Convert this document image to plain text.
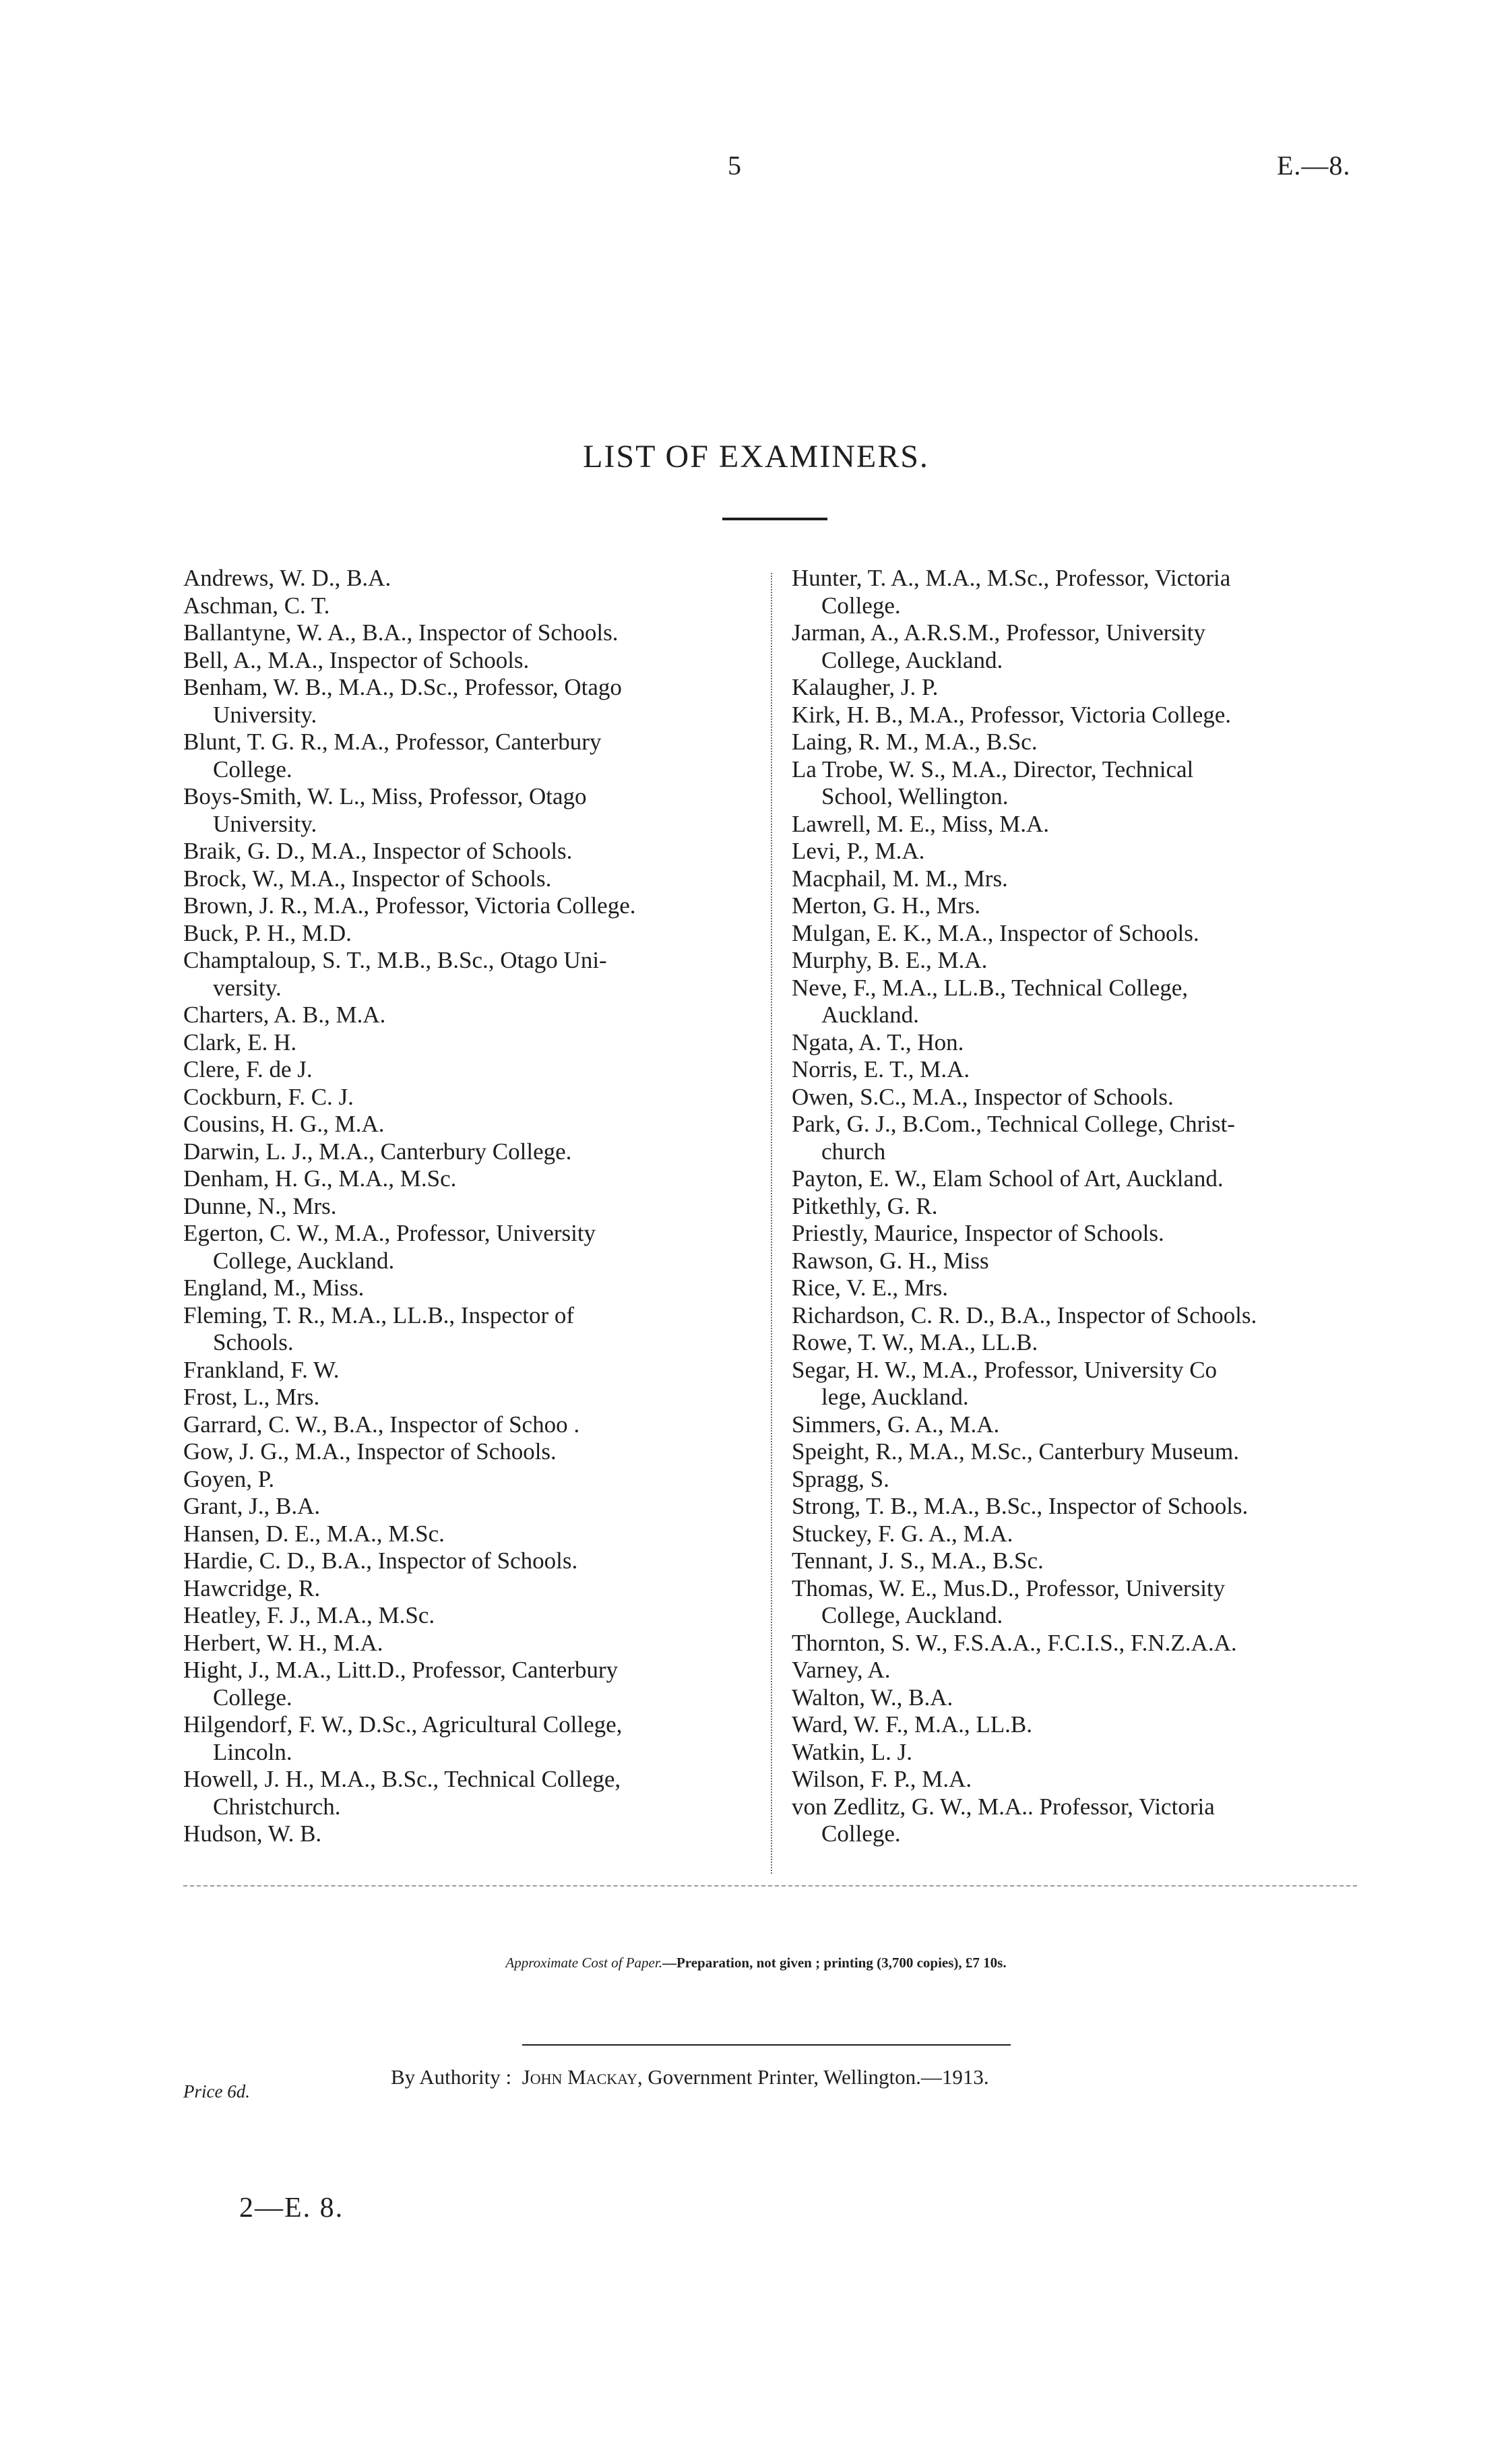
5	E.—8.
LIST OF EXAMINERS.
Andrews, W. D., B.A.
Aschman, C. T.
Ballantyne, W. A., B.A., Inspector of Schools.
Bell, A., M.A., Inspector of Schools.
Benham, W. B., M.A., D.Sc., Professor, Otago
University.
Blunt, T. G. R., M.A., Professor, Canterbury
College.
Boys-Smith, W. L., Miss, Professor, Otago
University.
Braik, G. D., M.A., Inspector of Schools.
Brock, W., M.A., Inspector of Schools.
Brown, J. R., M.A., Professor, Victoria College.
Buck, P. H., M.D.
Champtaloup, S. T., M.B., B.Sc., Otago Uni-
versity.
Charters, A. B., M.A.
Clark, E. H.
Clere, F. de J.
Cockburn, F. C. J.
Cousins, H. G., M.A.
Darwin, L. J., M.A., Canterbury College.
Denham, H. G., M.A., M.Sc.
Dunne, N., Mrs.
Egerton, C. W., M.A., Professor, University
College, Auckland.
England, M., Miss.
Fleming, T. R., M.A., LL.B., Inspector of
Schools.
Frankland, F. W.
Frost, L., Mrs.
Garrard, C. W., B.A., Inspector of Schoo .
Gow, J. G., M.A., Inspector of Schools.
Goyen, P.
Grant, J., B.A.
Hansen, D. E., M.A., M.Sc.
Hardie, C. D., B.A., Inspector of Schools.
Hawcridge, R.
Heatley, F. J., M.A., M.Sc.
Herbert, W. H., M.A.
Hight, J., M.A., Litt.D., Professor, Canterbury
College.
Hilgendorf, F. W., D.Sc., Agricultural College,
Lincoln.
Howell, J. H., M.A., B.Sc., Technical College,
Christchurch.
Hudson, W. B.
Hunter, T. A., M.A., M.Sc., Professor, Victoria
College.
Jarman, A., A.R.S.M., Professor, University
College, Auckland.
Kalaugher, J. P.
Kirk, H. B., M.A., Professor, Victoria College.
Laing, R. M., M.A., B.Sc.
La Trobe, W. S., M.A., Director, Technical
School, Wellington.
Lawrell, M. E., Miss, M.A.
Levi, P., M.A.
Macphail, M. M., Mrs.
Merton, G. H., Mrs.
Mulgan, E. K., M.A., Inspector of Schools.
Murphy, B. E., M.A.
Neve, F., M.A., LL.B., Technical College,
Auckland.
Ngata, A. T., Hon.
Norris, E. T., M.A.
Owen, S.C., M.A., Inspector of Schools.
Park, G. J., B.Com., Technical College, Christ-
church
Payton, E. W., Elam School of Art, Auckland.
Pitkethly, G. R.
Priestly, Maurice, Inspector of Schools.
Rawson, G. H., Miss
Rice, V. E., Mrs.
Richardson, C. R. D., B.A., Inspector of Schools.
Rowe, T. W., M.A., LL.B.
Segar, H. W., M.A., Professor, University Co
lege, Auckland.
Simmers, G. A., M.A.
Speight, R., M.A., M.Sc., Canterbury Museum.
Spragg, S.
Strong, T. B., M.A., B.Sc., Inspector of Schools.
Stuckey, F. G. A., M.A.
Tennant, J. S., M.A., B.Sc.
Thomas, W. E., Mus.D., Professor, University
College, Auckland.
Thornton, S. W., F.S.A.A., F.C.I.S., F.N.Z.A.A.
Varney, A.
Walton, W., B.A.
Ward, W. F., M.A., LL.B.
Watkin, L. J.
Wilson, F. P., M.A.
von Zedlitz, G. W., M.A.. Professor, Victoria
College.
Approximate Cost of Paper.—Preparation, not given ; printing (3,700 copies), £7 10s.
Price 6d.
By Authority : John Mackay, Government Printer, Wellington.—1913.
2—E. 8.
